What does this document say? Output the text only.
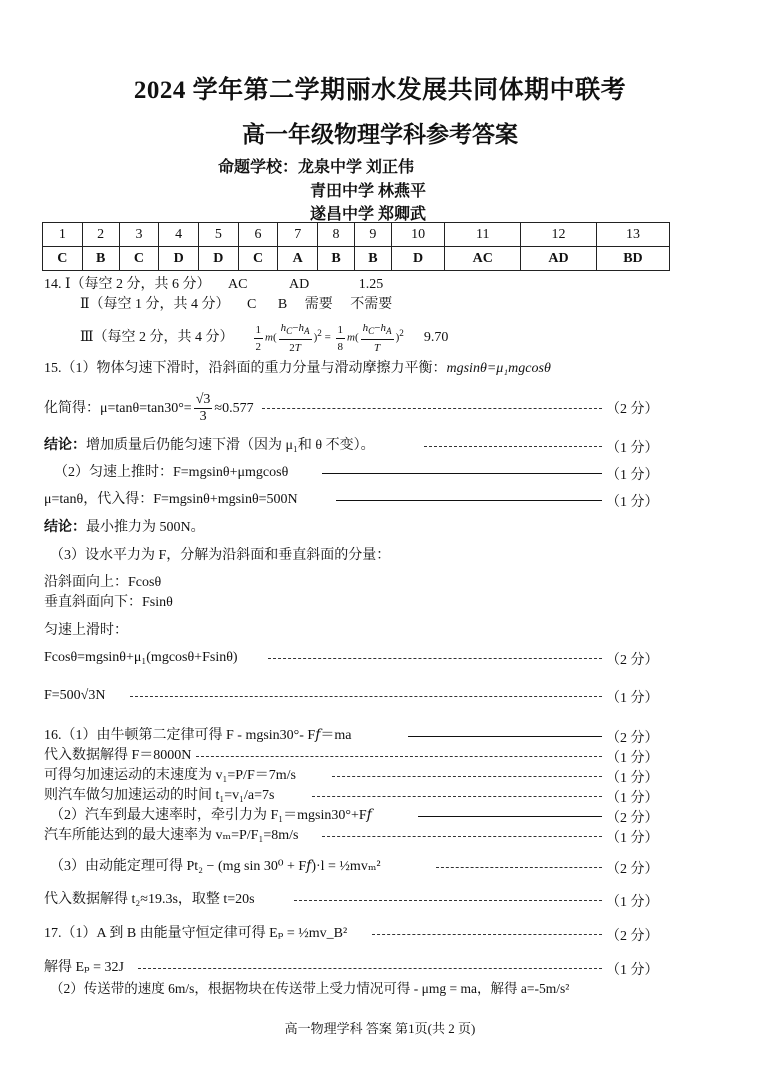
2024 学年第二学期丽水发展共同体期中联考
高一年级物理学科参考答案
命题学校：龙泉中学 刘正伟
青田中学 林燕平
遂昌中学 郑卿武
1	2	3	4	5	6	7	8	9	10	11	12	13
C	B	C	D	D	C	A	B	B	D	AC	AD	BD
14. Ⅰ（每空 2 分，共 6 分） AC	AD	1.25
Ⅱ（每空 1 分，共 4 分） C B 需要 不需要
Ⅲ（每空 2 分，共 4 分） $\frac{1}{2} m( \frac{h_C-h_A}{2T} )^2 = \frac{1}{8} m( \frac{h_C-h_A}{T} )^2$ 9.70
15.（1）物体匀速下滑时，沿斜面的重力分量与滑动摩擦力平衡：mgsinθ=μ₁mgcosθ
化简得：$\mu=\tan\theta=\tan 30^\circ= \frac{√3}{3} \approx 0.577$	（2 分）
结论：增加质量后仍能匀速下滑（因为 μ₁和 θ 不变）。	（1 分）
（2）匀速上推时：F=mgsinθ+μmgcosθ	（1 分）
μ=tanθ，代入得：F=mgsinθ+mgsinθ=500N	（1 分）
结论：最小推力为 500N。
（3）设水平力为 F，分解为沿斜面和垂直斜面的分量：
沿斜面向上：Fcosθ
垂直斜面向下：Fsinθ
匀速上滑时：
Fcosθ=mgsinθ+μ₁(mgcosθ+Fsinθ)	（2 分）
F=500√3N	（1 分）
16.（1）由牛顿第二定律可得 F - mgsin30°- F𝑓＝ma	（2 分）
代入数据解得 F＝8000N	（1 分）
可得匀加速运动的末速度为 v₁=P/F＝7m/s	（1 分）
则汽车做匀加速运动的时间 t₁=v₁/a=7s	（1 分）
（2）汽车到最大速率时，牵引力为 F₁＝mgsin30°+F𝑓	（2 分）
汽车所能达到的最大速率为 vₘ=P/F₁=8m/s	（1 分）
（3）由动能定理可得 Pt₂ − (mg sin 30⁰ + F𝑓)·l = ½mvₘ²	（2 分）
代入数据解得 t₂≈19.3s，取整 t=20s	（1 分）
17.（1）A 到 B 由能量守恒定律可得 Eₚ = ½mv_B²	（2 分）
解得 Eₚ = 32J	（1 分）
（2）传送带的速度 6m/s，根据物块在传送带上受力情况可得 - μmg = ma，解得 a=-5m/s²
高一物理学科 答案 第1页(共 2 页)
